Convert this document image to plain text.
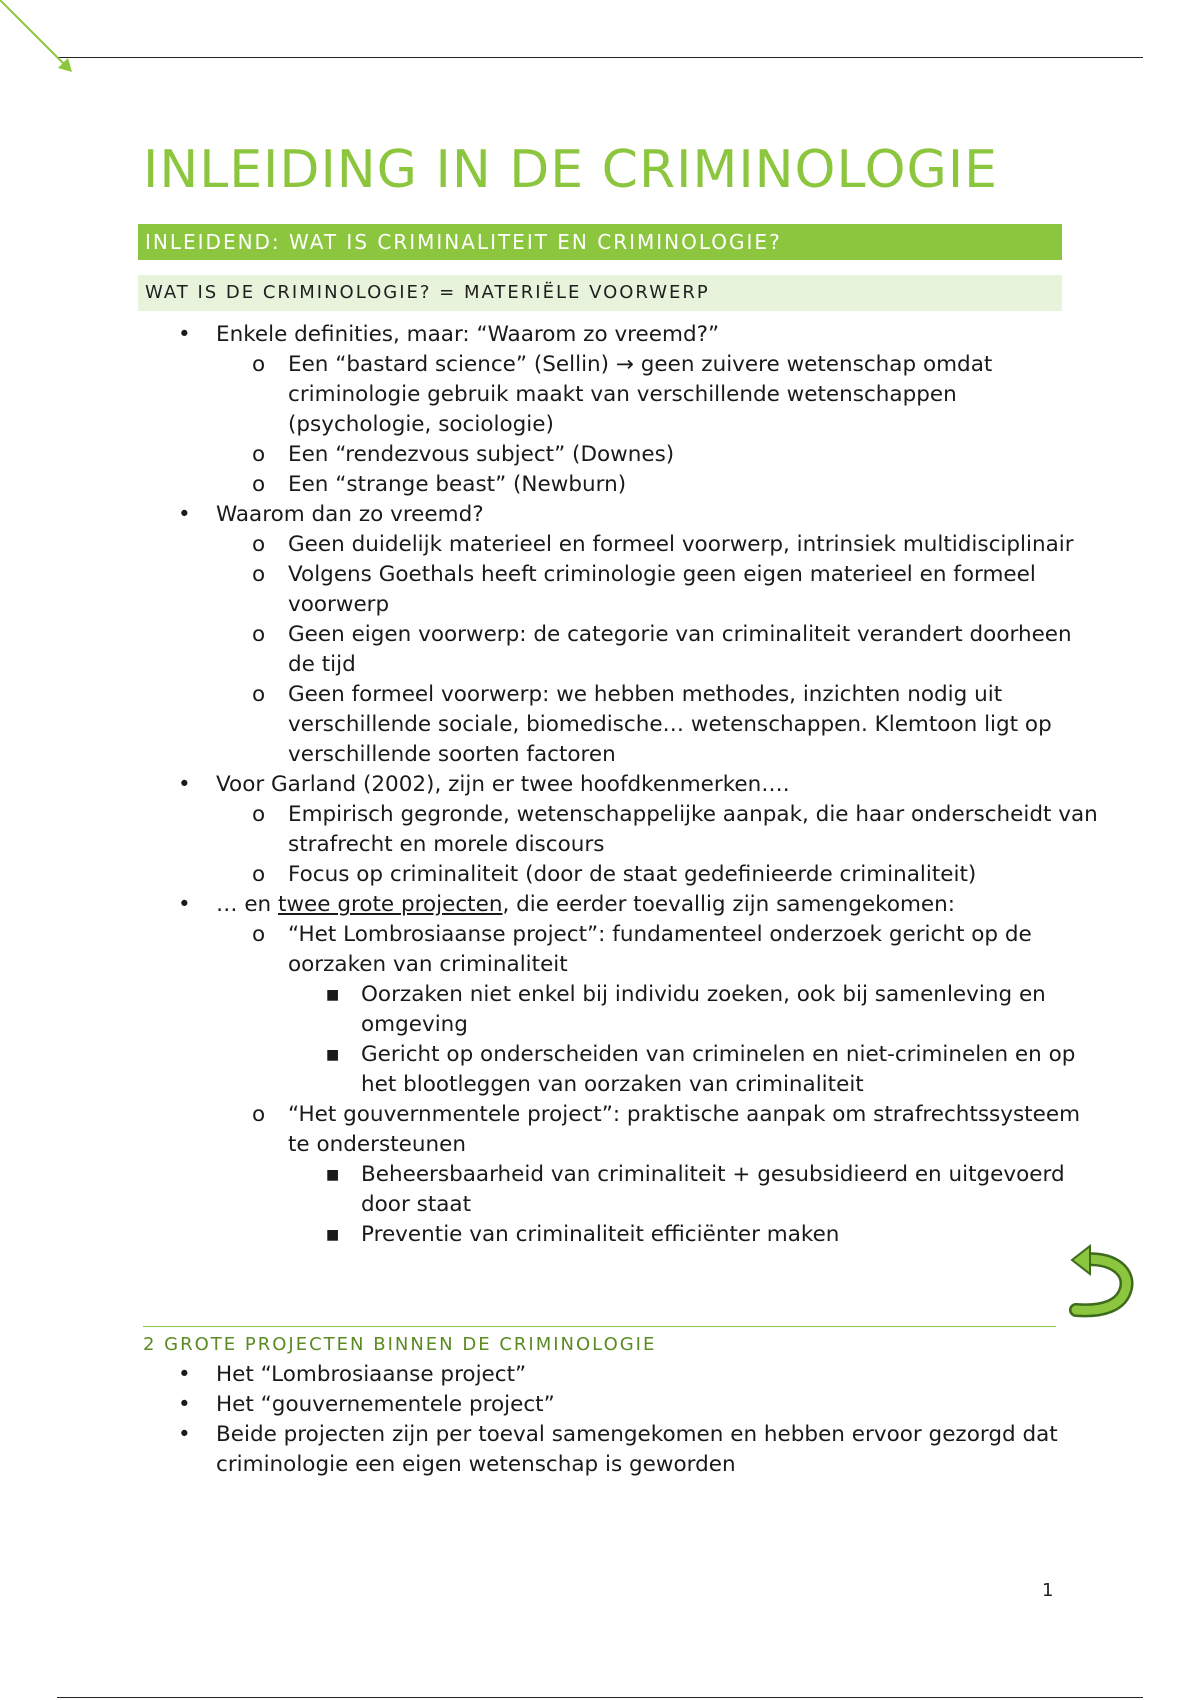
INLEIDING IN DE CRIMINOLOGIE
INLEIDEND: WAT IS CRIMINALITEIT EN CRIMINOLOGIE?
WAT IS DE CRIMINOLOGIE? = MATERIËLE VOORWERP
• Enkele definities, maar: “Waarom zo vreemd?”
o Een “bastard science” (Sellin) → geen zuivere wetenschap omdat criminologie gebruik maakt van verschillende wetenschappen (psychologie, sociologie)
o Een “rendezvous subject” (Downes)
o Een “strange beast” (Newburn)
• Waarom dan zo vreemd?
o Geen duidelijk materieel en formeel voorwerp, intrinsiek multidisciplinair
o Volgens Goethals heeft criminologie geen eigen materieel en formeel voorwerp
o Geen eigen voorwerp: de categorie van criminaliteit verandert doorheen de tijd
o Geen formeel voorwerp: we hebben methodes, inzichten nodig uit verschillende sociale, biomedische… wetenschappen. Klemtoon ligt op verschillende soorten factoren
• Voor Garland (2002), zijn er twee hoofdkenmerken….
o Empirisch gegronde, wetenschappelijke aanpak, die haar onderscheidt van strafrecht en morele discours
o Focus op criminaliteit (door de staat gedefinieerde criminaliteit)
• … en twee grote projecten, die eerder toevallig zijn samengekomen:
o “Het Lombrosiaanse project”: fundamenteel onderzoek gericht op de oorzaken van criminaliteit
■ Oorzaken niet enkel bij individu zoeken, ook bij samenleving en omgeving
■ Gericht op onderscheiden van criminelen en niet-criminelen en op het blootleggen van oorzaken van criminaliteit
o “Het gouvernmentele project”: praktische aanpak om strafrechtssysteem te ondersteunen
■ Beheersbaarheid van criminaliteit + gesubsidieerd en uitgevoerd door staat
■ Preventie van criminaliteit efficiënter maken
2 GROTE PROJECTEN BINNEN DE CRIMINOLOGIE
• Het “Lombrosiaanse project”
• Het “gouvernementele project”
• Beide projecten zijn per toeval samengekomen en hebben ervoor gezorgd dat criminologie een eigen wetenschap is geworden
1
